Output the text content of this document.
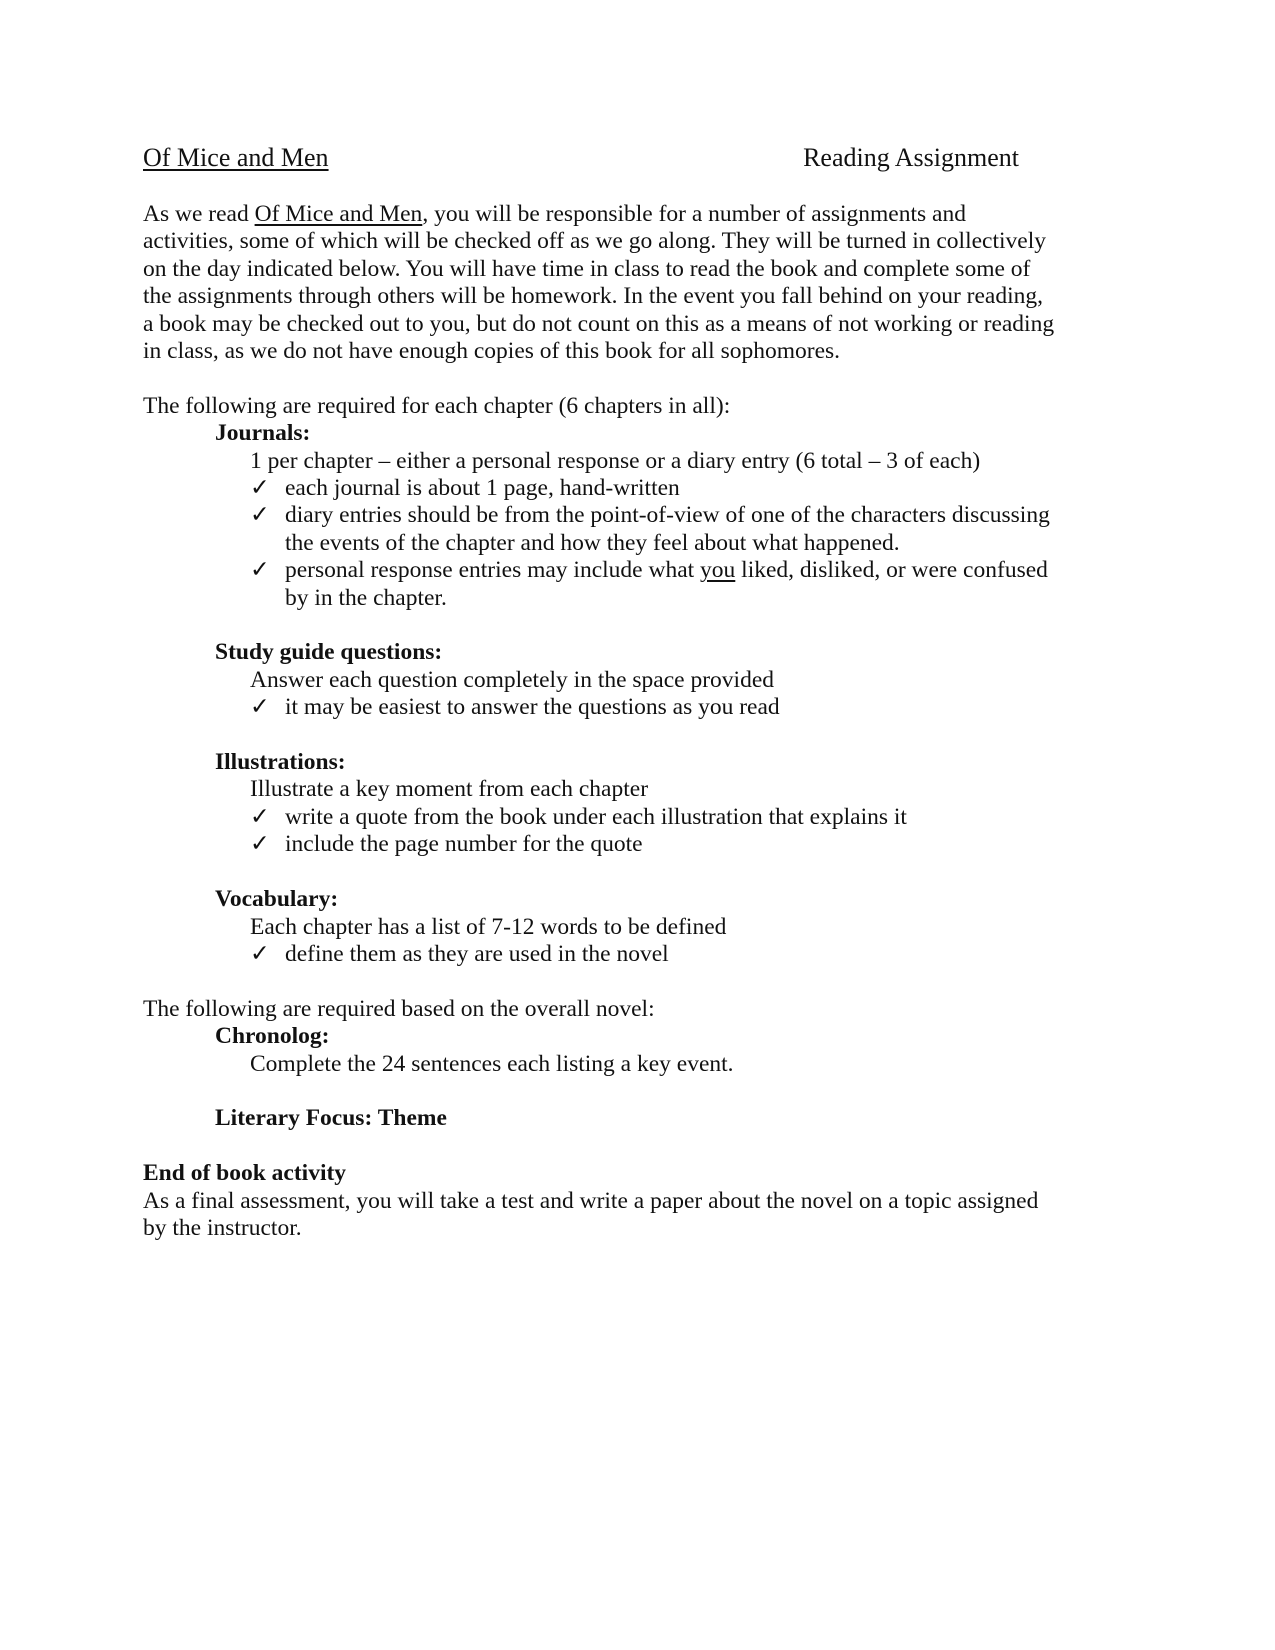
Of Mice and Men	Reading Assignment
As we read Of Mice and Men, you will be responsible for a number of assignments and
activities, some of which will be checked off as we go along. They will be turned in collectively
on the day indicated below. You will have time in class to read the book and complete some of
the assignments through others will be homework. In the event you fall behind on your reading,
a book may be checked out to you, but do not count on this as a means of not working or reading
in class, as we do not have enough copies of this book for all sophomores.
The following are required for each chapter (6 chapters in all):
Journals:
1 per chapter – either a personal response or a diary entry (6 total – 3 of each)
✓ each journal is about 1 page, hand-written
✓ diary entries should be from the point-of-view of one of the characters discussing
the events of the chapter and how they feel about what happened.
✓ personal response entries may include what you liked, disliked, or were confused
by in the chapter.
Study guide questions:
Answer each question completely in the space provided
✓ it may be easiest to answer the questions as you read
Illustrations:
Illustrate a key moment from each chapter
✓ write a quote from the book under each illustration that explains it
✓ include the page number for the quote
Vocabulary:
Each chapter has a list of 7-12 words to be defined
✓ define them as they are used in the novel
The following are required based on the overall novel:
Chronolog:
Complete the 24 sentences each listing a key event.
Literary Focus: Theme
End of book activity
As a final assessment, you will take a test and write a paper about the novel on a topic assigned
by the instructor.
